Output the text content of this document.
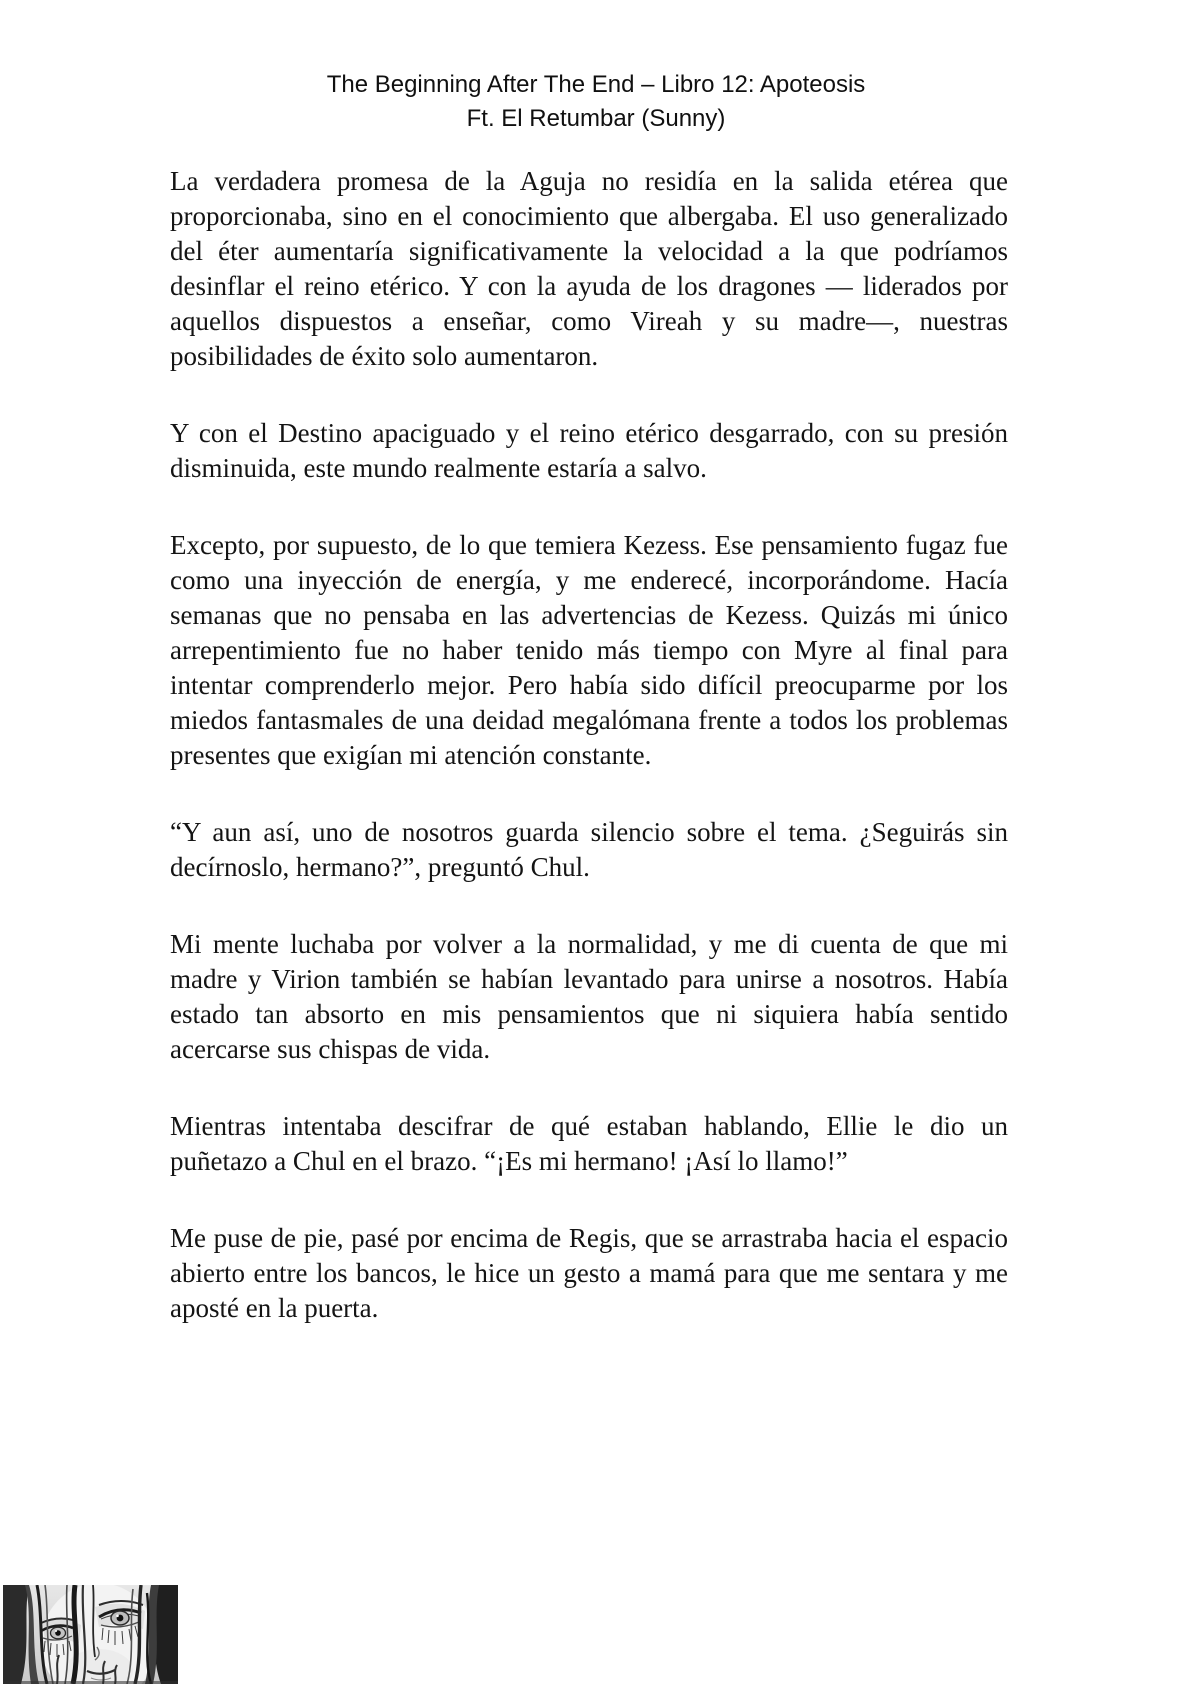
The Beginning After The End – Libro 12: Apoteosis
Ft. El Retumbar (Sunny)

La verdadera promesa de la Aguja no residía en la salida etérea que proporcionaba, sino en el conocimiento que albergaba. El uso generalizado del éter aumentaría significativamente la velocidad a la que podríamos desinflar el reino etérico. Y con la ayuda de los dragones — liderados por aquellos dispuestos a enseñar, como Vireah y su madre—, nuestras posibilidades de éxito solo aumentaron.

Y con el Destino apaciguado y el reino etérico desgarrado, con su presión disminuida, este mundo realmente estaría a salvo.

Excepto, por supuesto, de lo que temiera Kezess. Ese pensamiento fugaz fue como una inyección de energía, y me enderecé, incorporándome. Hacía semanas que no pensaba en las advertencias de Kezess. Quizás mi único arrepentimiento fue no haber tenido más tiempo con Myre al final para intentar comprenderlo mejor. Pero había sido difícil preocuparme por los miedos fantasmales de una deidad megalómana frente a todos los problemas presentes que exigían mi atención constante.

“Y aun así, uno de nosotros guarda silencio sobre el tema. ¿Seguirás sin decírnoslo, hermano?”, preguntó Chul.

Mi mente luchaba por volver a la normalidad, y me di cuenta de que mi madre y Virion también se habían levantado para unirse a nosotros. Había estado tan absorto en mis pensamientos que ni siquiera había sentido acercarse sus chispas de vida.

Mientras intentaba descifrar de qué estaban hablando, Ellie le dio un puñetazo a Chul en el brazo. “¡Es mi hermano! ¡Así lo llamo!”

Me puse de pie, pasé por encima de Regis, que se arrastraba hacia el espacio abierto entre los bancos, le hice un gesto a mamá para que me sentara y me aposté en la puerta.
